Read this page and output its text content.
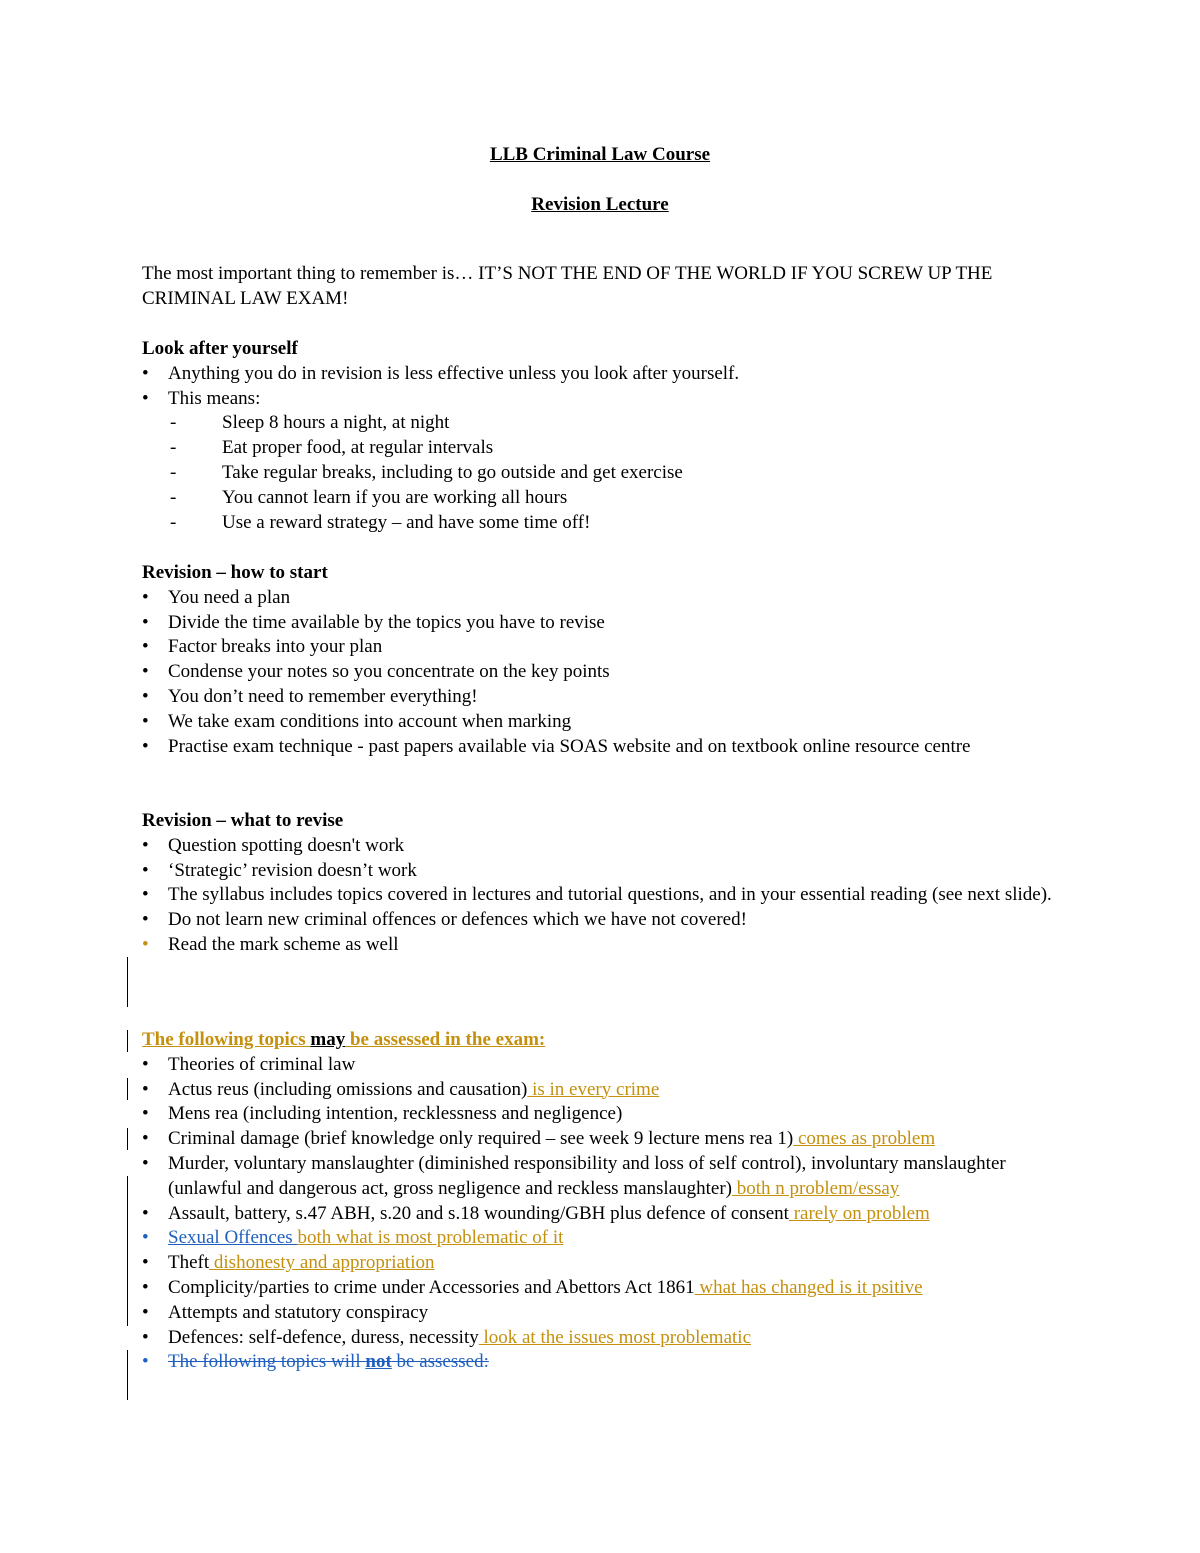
LLB Criminal Law Course
Revision Lecture
The most important thing to remember is… IT’S NOT THE END OF THE WORLD IF YOU SCREW UP THE CRIMINAL LAW EXAM!
Look after yourself
• Anything you do in revision is less effective unless you look after yourself.
• This means:
- Sleep 8 hours a night, at night
- Eat proper food, at regular intervals
- Take regular breaks, including to go outside and get exercise
- You cannot learn if you are working all hours
- Use a reward strategy – and have some time off!
Revision – how to start
• You need a plan
• Divide the time available by the topics you have to revise
• Factor breaks into your plan
• Condense your notes so you concentrate on the key points
• You don’t need to remember everything!
• We take exam conditions into account when marking
• Practise exam technique - past papers available via SOAS website and on textbook online resource centre
Revision – what to revise
• Question spotting doesn't work
• ‘Strategic’ revision doesn’t work
• The syllabus includes topics covered in lectures and tutorial questions, and in your essential reading (see next slide).
• Do not learn new criminal offences or defences which we have not covered!
• Read the mark scheme as well
The following topics may be assessed in the exam:
• Theories of criminal law
• Actus reus (including omissions and causation) is in every crime
• Mens rea (including intention, recklessness and negligence)
• Criminal damage (brief knowledge only required – see week 9 lecture mens rea 1) comes as problem
• Murder, voluntary manslaughter (diminished responsibility and loss of self control), involuntary manslaughter (unlawful and dangerous act, gross negligence and reckless manslaughter) both n problem/essay
• Assault, battery, s.47 ABH, s.20 and s.18 wounding/GBH plus defence of consent rarely on problem
• Sexual Offences both what is most problematic of it
• Theft dishonesty and appropriation
• Complicity/parties to crime under Accessories and Abettors Act 1861 what has changed is it psitive
• Attempts and statutory conspiracy
• Defences: self-defence, duress, necessity look at the issues most problematic
• The following topics will not be assessed:
